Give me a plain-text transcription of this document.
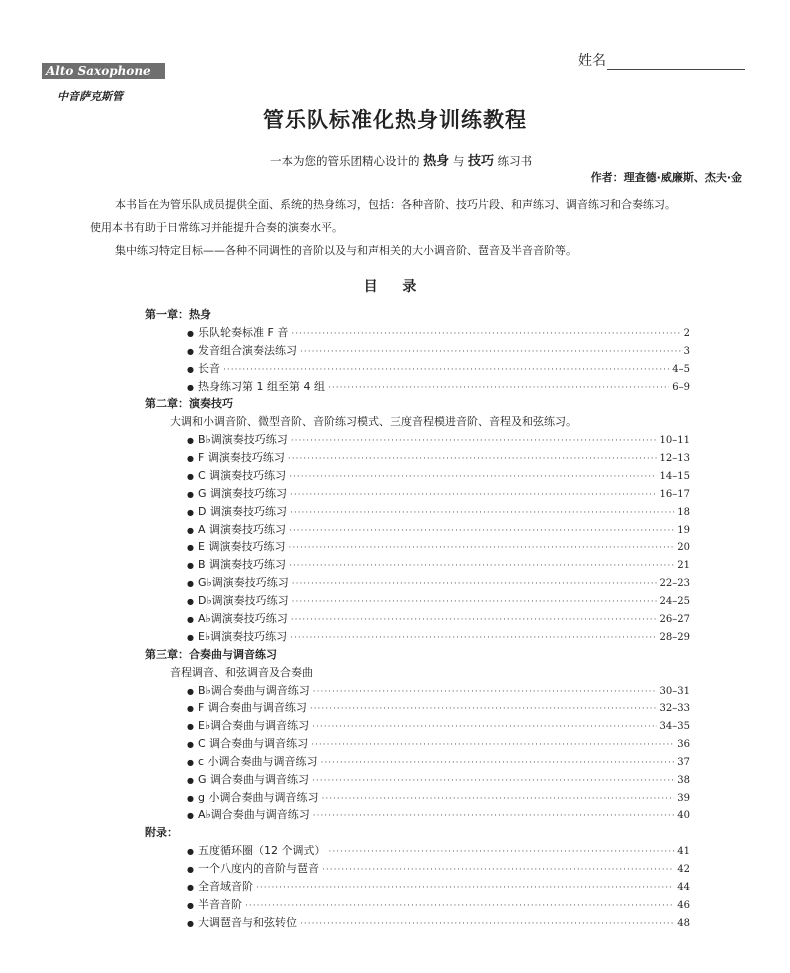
姓名
Alto Saxophone
中音萨克斯管
管乐队标准化热身训练教程
一本为您的管乐团精心设计的 热身 与 技巧 练习书
作者：理查德·威廉斯、杰夫·金
本书旨在为管乐队成员提供全面、系统的热身练习，包括：各种音阶、技巧片段、和声练习、调音练习和合奏练习。
使用本书有助于日常练习并能提升合奏的演奏水平。
集中练习特定目标——各种不同调性的音阶以及与和声相关的大小调音阶、琶音及半音音阶等。
目 录
第一章：热身
● 乐队轮奏标准 F 音 ·····	2
● 发音组合演奏法练习 ·····	3
● 长音 ·····	4–5
● 热身练习第 1 组至第 4 组 ·····	6–9
第二章：演奏技巧
大调和小调音阶、微型音阶、音阶练习模式、三度音程模进音阶、音程及和弦练习。
● B♭调演奏技巧练习 ·····	10–11
● F 调演奏技巧练习 ·····	12–13
● C 调演奏技巧练习 ·····	14–15
● G 调演奏技巧练习 ·····	16–17
● D 调演奏技巧练习 ·····	18
● A 调演奏技巧练习 ·····	19
● E 调演奏技巧练习 ·····	20
● B 调演奏技巧练习 ·····	21
● G♭调演奏技巧练习 ·····	22–23
● D♭调演奏技巧练习 ·····	24–25
● A♭调演奏技巧练习 ·····	26–27
● E♭调演奏技巧练习 ·····	28–29
第三章：合奏曲与调音练习
音程调音、和弦调音及合奏曲
● B♭调合奏曲与调音练习 ·····	30–31
● F 调合奏曲与调音练习 ·····	32–33
● E♭调合奏曲与调音练习 ·····	34–35
● C 调合奏曲与调音练习 ·····	36
● c 小调合奏曲与调音练习 ·····	37
● G 调合奏曲与调音练习 ·····	38
● g 小调合奏曲与调音练习 ·····	39
● A♭调合奏曲与调音练习 ·····	40
附录：
● 五度循环圈（12 个调式） ·····	41
● 一个八度内的音阶与琶音 ·····	42
● 全音域音阶 ·····	44
● 半音音阶 ·····	46
● 大调琶音与和弦转位 ·····	48
